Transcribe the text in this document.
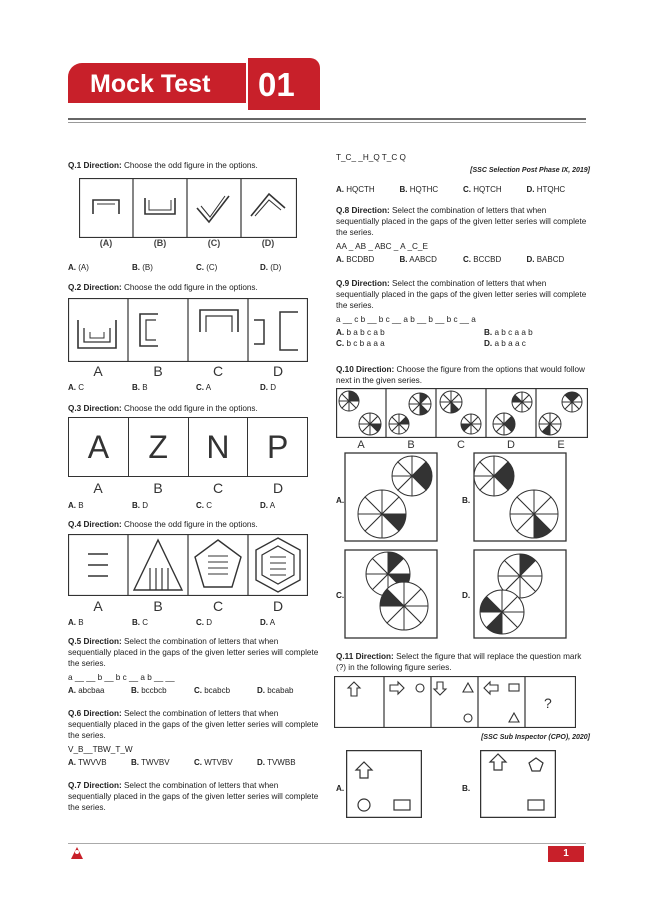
Mock Test 01

Q.1 Direction: Choose the odd figure in the options.

(A)	(B)	(C)	(D)
A. (A)	B. (B)	C. (C)	D. (D)

Q.2 Direction: Choose the odd figure in the options.

A	B	C	D
A. C	B. B	C. A	D. D

Q.3 Direction: Choose the odd figure in the options.

A	Z	N	P
A	B	C	D
A. B	B. D	C. C	D. A

Q.4 Direction: Choose the odd figure in the options.

A	B	C	D
A. B	B. C	C. D	D. A

Q.5 Direction: Select the combination of letters that when sequentially placed in the gaps of the given letter series will complete the series.

a __ __ b __ b c __ a b __ __

A. abcbaa	B. bccbcb	C. bcabcb	D. bcabab

Q.6 Direction: Select the combination of letters that when sequentially placed in the gaps of the given letter series will complete the series.

V_B__TBW_T_W

A. TWVVB	B. TWVBV	C. WTVBV	D. TVWBB

Q.7 Direction: Select the combination of letters that when sequentially placed in the gaps of the given letter series will complete the series.

T_C_ _H_Q T_C Q

[SSC Selection Post Phase IX, 2019]

A. HQCTH	B. HQTHC	C. HQTCH	D. HTQHC

Q.8 Direction: Select the combination of letters that when sequentially placed in the gaps of the given letter series will complete the series.

AA _ AB _ ABC _ A _C_E

A. BCDBD	B. AABCD	C. BCCBD	D. BABCD

Q.9 Direction: Select the combination of letters that when sequentially placed in the gaps of the given letter series will complete the series.

a __ c b __ b c __ a b __ b __ b c __ a

A. b a b c a b	B. a b c a a b
C. b c b a a a	D. a b a a c

Q.10 Direction: Choose the figure from the options that would follow next in the given series.

A	B	C	D	E
A.	B.
C.	D.

Q.11 Direction: Select the figure that will replace the question mark (?) in the following figure series.

?
[SSC Sub Inspector (CPO), 2020]
A.	B.
1
